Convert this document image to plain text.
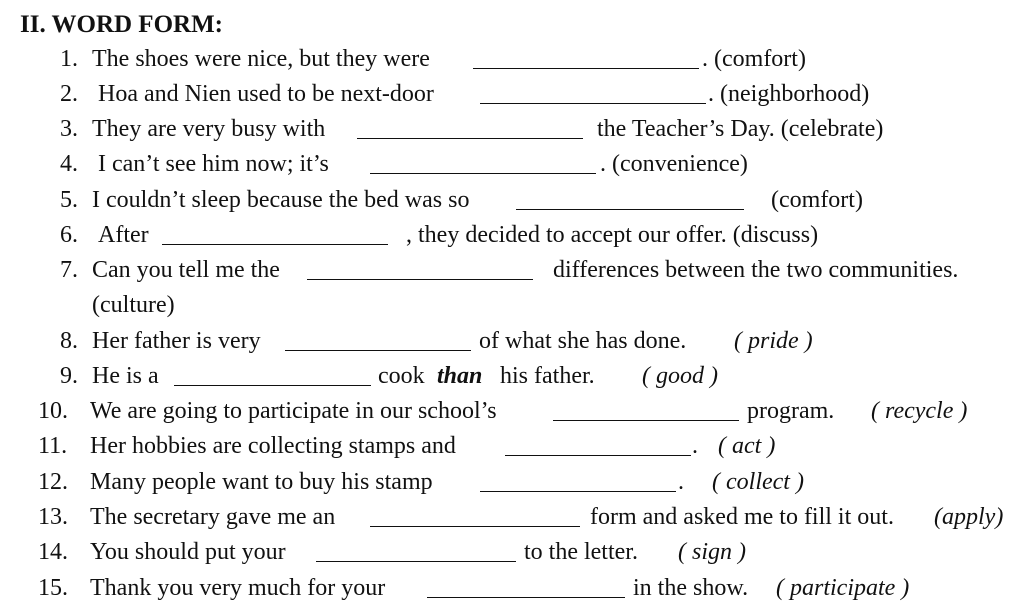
II. WORD FORM:
1. The shoes were nice, but they were	. (comfort)
2. Hoa and Nien used to be next-door	. (neighborhood)
3. They are very busy with	the Teacher’s Day. (celebrate)
4. I can’t see him now; it’s	. (convenience)
5. I couldn’t sleep because the bed was so	(comfort)
6. After	, they decided to accept our offer. (discuss)
7. Can you tell me the	differences between the two communities.
(culture)
8. Her father is very	of what she has done. ( pride )
9. He is a	cook than his father. ( good )
10. We are going to participate in our school’s	program. ( recycle )
11. Her hobbies are collecting stamps and	. ( act )
12. Many people want to buy his stamp	. ( collect )
13. The secretary gave me an	form and asked me to fill it out. (apply)
14. You should put your	to the letter. ( sign )
15. Thank you very much for your	in the show. ( participate )
